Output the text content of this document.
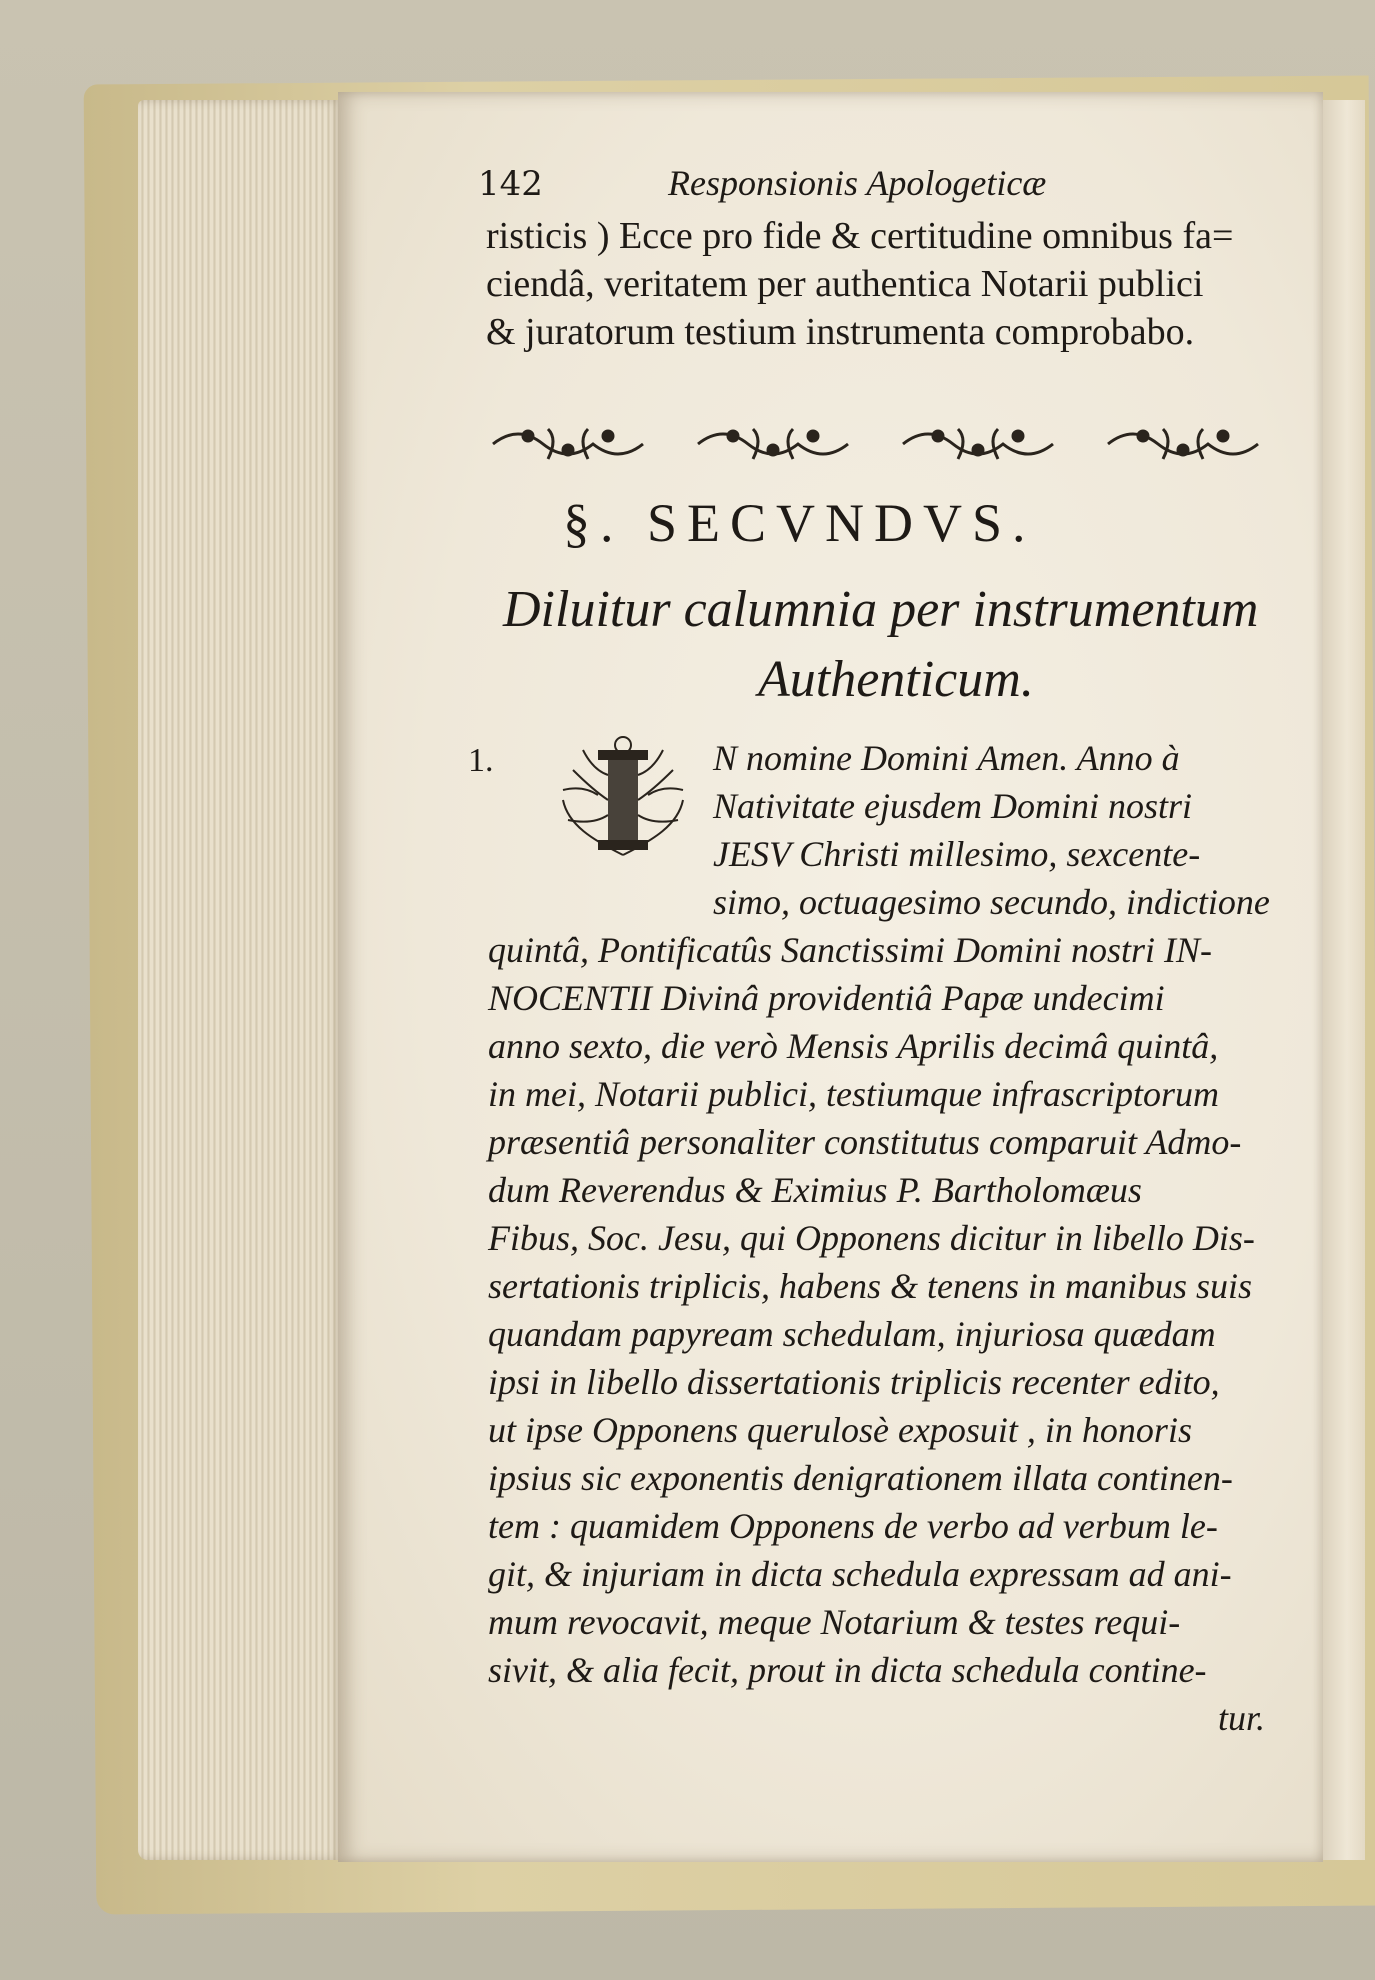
142	Responsionis Apologeticæ
risticis ) Ecce pro fide & certitudine omnibus fa=
ciendâ, veritatem per authentica Notarii publici
& juratorum testium instrumenta comprobabo.
§. SECVNDVS.
Diluitur calumnia per instrumentum
Authenticum.
1.	N nomine Domini Amen. Anno à
Nativitate ejusdem Domini nostri
JESV Christi millesimo, sexcente-
simo, octuagesimo secundo, indictione
quintâ, Pontificatûs Sanctissimi Domini nostri IN-
NOCENTII Divinâ providentiâ Papæ undecimi
anno sexto, die verò Mensis Aprilis decimâ quintâ,
in mei, Notarii publici, testiumque infrascriptorum
præsentiâ personaliter constitutus comparuit Admo-
dum Reverendus & Eximius P. Bartholomæus
Fibus, Soc. Jesu, qui Opponens dicitur in libello Dis-
sertationis triplicis, habens & tenens in manibus suis
quandam papyream schedulam, injuriosa quædam
ipsi in libello dissertationis triplicis recenter edito,
ut ipse Opponens querulosè exposuit , in honoris
ipsius sic exponentis denigrationem illata continen-
tem : quamidem Opponens de verbo ad verbum le-
git, & injuriam in dicta schedula expressam ad ani-
mum revocavit, meque Notarium & testes requi-
sivit, & alia fecit, prout in dicta schedula contine-
tur.
